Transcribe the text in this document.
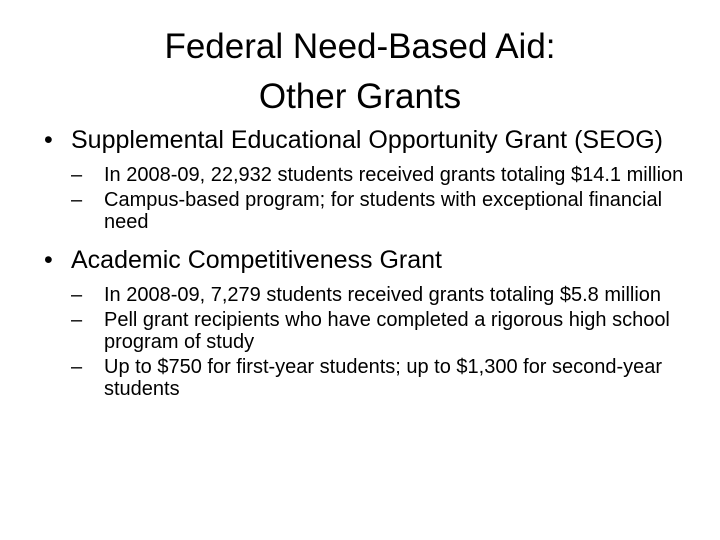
Federal Need-Based Aid:
Other Grants
• Supplemental Educational Opportunity Grant (SEOG)
– In 2008-09, 22,932 students received grants totaling $14.1 million
– Campus-based program; for students with exceptional financial need
• Academic Competitiveness Grant
– In 2008-09, 7,279 students received grants totaling $5.8 million
– Pell grant recipients who have completed a rigorous high school program of study
– Up to $750 for first-year students; up to $1,300 for second-year students
